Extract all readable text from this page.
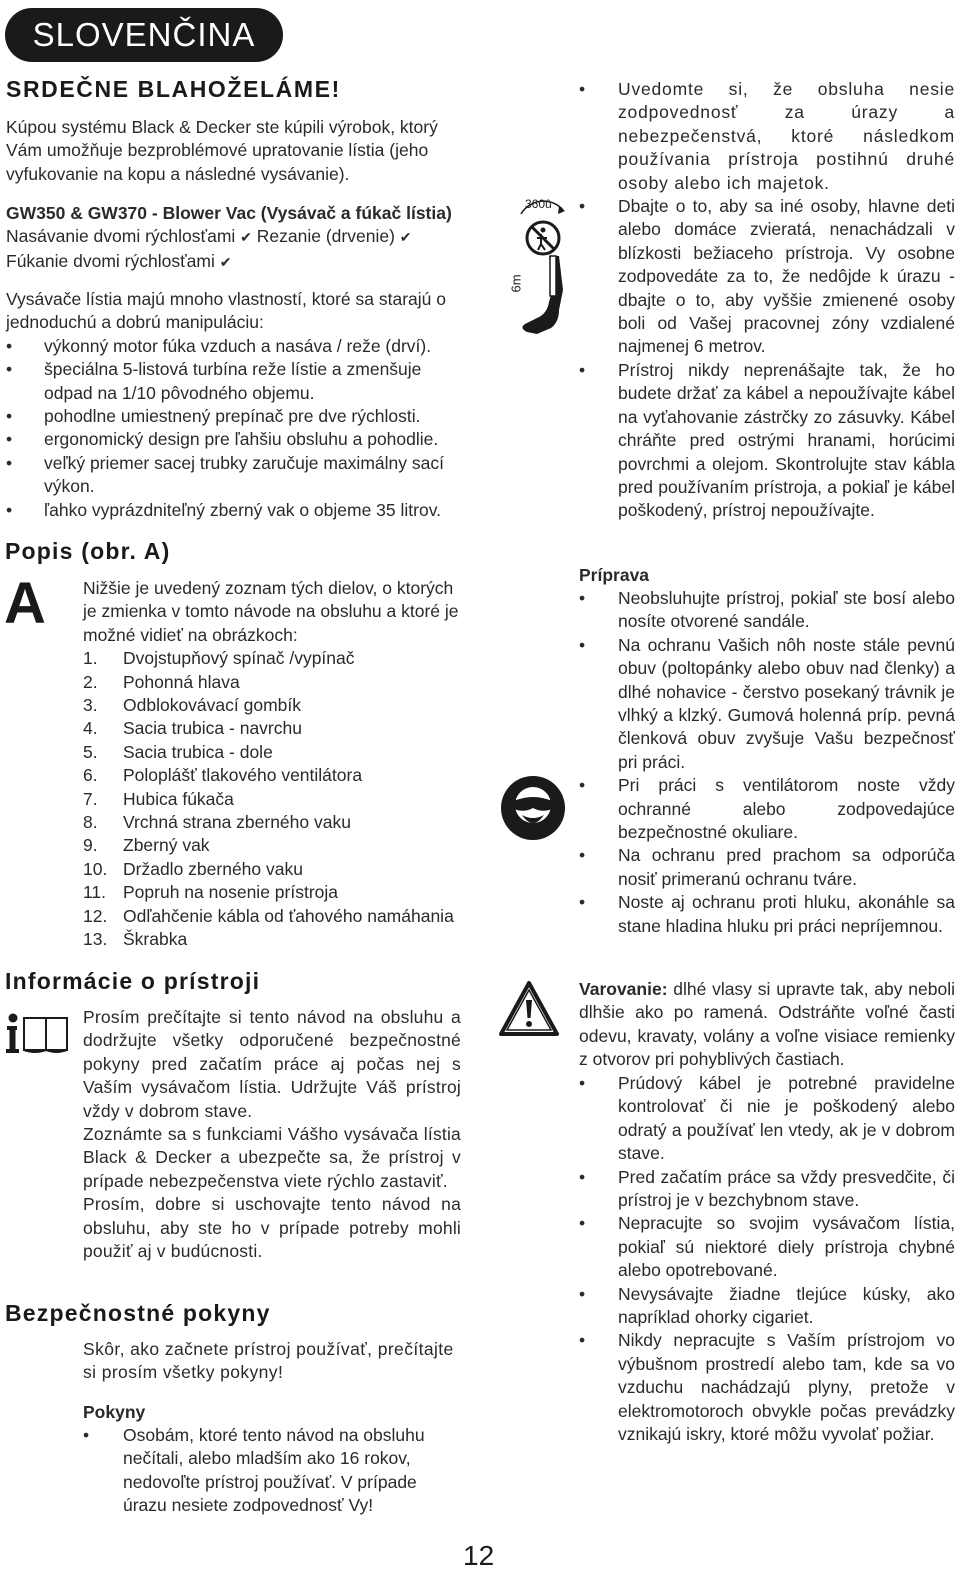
SLOVENČINA
SRDEČNE BLAHOŽELÁME!
Kúpou systému Black & Decker ste kúpili výrobok, ktorý Vám umožňuje bezproblémové upratovanie lístia (jeho vyfukovanie na kopu a následné vysávanie).
GW350 & GW370 - Blower Vac (Vysávač a fúkač lístia)
Nasávanie dvomi rýchlosťami ✔ Rezanie (drvenie) ✔
Fúkanie dvomi rýchlosťami ✔
Vysávače lístia majú mnoho vlastností, ktoré sa starajú o jednoduchú a dobrú manipuláciu:
• výkonný motor fúka vzduch a nasáva / reže (drví).
• špeciálna 5-listová turbína reže lístie a zmenšuje odpad na 1/10 pôvodného objemu.
• pohodlne umiestnený prepínač pre dve rýchlosti.
• ergonomický design pre ľahšiu obsluhu a pohodlie.
• veľký priemer sacej trubky zaručuje maximálny sací výkon.
• ľahko vyprázdniteľný zberný vak o objeme 35 litrov.
Popis (obr. A)
A Nižšie je uvedený zoznam tých dielov, o ktorých je zmienka v tomto návode na obsluhu a ktoré je možné vidieť na obrázkoch:
1.	Dvojstupňový spínač /vypínač
2.	Pohonná hlava
3.	Odblokovávací gombík
4.	Sacia trubica - navrchu
5.	Sacia trubica - dole
6.	Poloplášť tlakového ventilátora
7.	Hubica fúkača
8.	Vrchná strana zberného vaku
9.	Zberný vak
10. Držadlo zberného vaku
11. Popruh na nosenie prístroja
12. Odľahčenie kábla od ťahového namáhania
13. Škrabka
Informácie o prístroji
Prosím prečítajte si tento návod na obsluhu a dodržujte všetky odporučené bezpečnostné pokyny pred začatím práce aj počas nej s Vaším vysávačom lístia. Udržujte Váš prístroj vždy v dobrom stave.
Zoznámte sa s funkciami Vášho vysávača lístia Black & Decker a ubezpečte sa, že prístroj v prípade nebezpečenstva viete rýchlo zastaviť.
Prosím, dobre si uschovajte tento návod na obsluhu, aby ste ho v prípade potreby mohli použiť aj v budúcnosti.
Bezpečnostné pokyny
Skôr, ako začnete prístroj používať, prečítajte si prosím všetky pokyny!
Pokyny
• Osobám, ktoré tento návod na obsluhu nečítali, alebo mladším ako 16 rokov, nedovoľte prístroj používať. V prípade úrazu nesiete zodpovednosť Vy!
360û
6m
• Uvedomte si, že obsluha nesie zodpovednosť za úrazy a nebezpečenstvá, ktoré následkom používania prístroja postihnú druhé osoby alebo ich majetok.
• Dbajte o to, aby sa iné osoby, hlavne deti alebo domáce zvieratá, nenachádzali v blízkosti bežiaceho prístroja. Vy osobne zodpovedáte za to, že nedôjde k úrazu - dbajte o to, aby vyššie zmienené osoby boli od Vašej pracovnej zóny vzdialené najmenej 6 metrov.
• Prístroj nikdy neprenášajte tak, že ho budete držať za kábel a nepoužívajte kábel na vyťahovanie zástrčky zo zásuvky. Kábel chráňte pred ostrými hranami, horúcimi povrchmi a olejom. Skontrolujte stav kábla pred používaním prístroja, a pokiaľ je kábel poškodený, prístroj nepoužívajte.
Príprava
• Neobsluhujte prístroj, pokiaľ ste bosí alebo nosíte otvorené sandále.
• Na ochranu Vašich nôh noste stále pevnú obuv (poltopánky alebo obuv nad členky) a dlhé nohavice - čerstvo posekaný trávnik je vlhký a klzký. Gumová holenná príp. pevná členková obuv zvyšuje Vašu bezpečnosť pri práci.
• Pri práci s ventilátorom noste vždy ochranné alebo zodpovedajúce bezpečnostné okuliare.
• Na ochranu pred prachom sa odporúča nosiť primeranú ochranu tváre.
• Noste aj ochranu proti hluku, akonáhle sa stane hladina hluku pri práci nepríjemnou.
Varovanie: dlhé vlasy si upravte tak, aby neboli dlhšie ako po ramená. Odstráňte voľné časti odevu, kravaty, volány a voľne visiace remienky z otvorov pri pohyblivých častiach.
• Prúdový kábel je potrebné pravidelne kontrolovať či nie je poškodený alebo odratý a používať len vtedy, ak je v dobrom stave.
• Pred začatím práce sa vždy presvedčite, či prístroj je v bezchybnom stave.
• Nepracujte so svojim vysávačom lístia, pokiaľ sú niektoré diely prístroja chybné alebo opotrebované.
• Nevysávajte žiadne tlejúce kúsky, ako napríklad ohorky cigariet.
• Nikdy nepracujte s Vaším prístrojom vo výbušnom prostredí alebo tam, kde sa vo vzduchu nachádzajú plyny, pretože v elektromotoroch obvykle počas prevádzky vznikajú iskry, ktoré môžu vyvolať požiar.
12
